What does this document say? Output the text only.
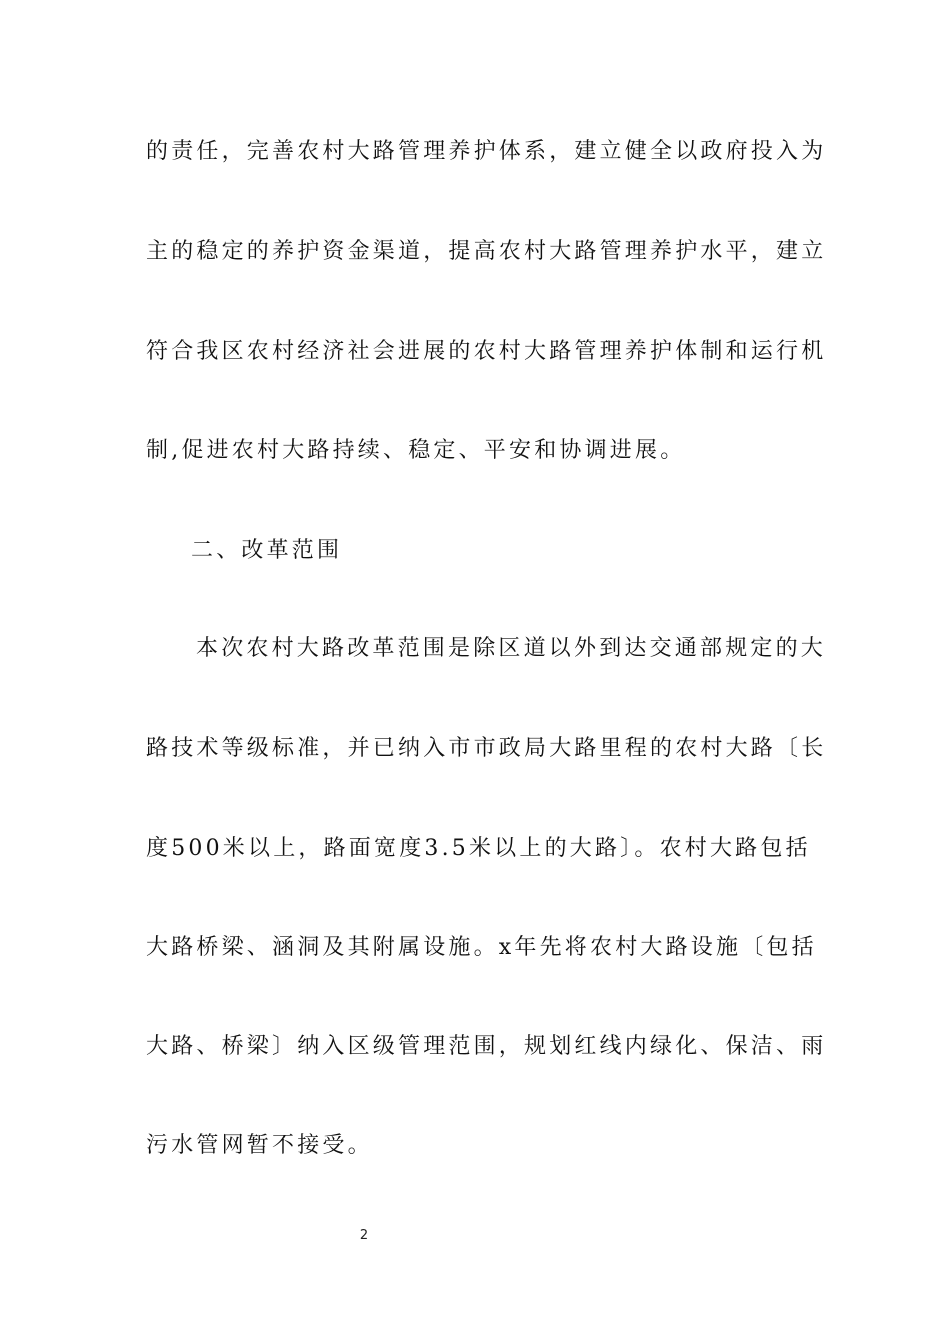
的责任，完善农村大路管理养护体系，建立健全以政府投入为
主的稳定的养护资金渠道，提高农村大路管理养护水平，建立
符合我区农村经济社会进展的农村大路管理养护体制和运行机
制,促进农村大路持续、稳定、平安和协调进展。
二、改革范围
本次农村大路改革范围是除区道以外到达交通部规定的大
路技术等级标准，并已纳入市市政局大路里程的农村大路〔长
度500米以上，路面宽度3.5米以上的大路〕。农村大路包括
大路桥梁、涵洞及其附属设施。x年先将农村大路设施〔包括
大路、桥梁〕纳入区级管理范围，规划红线内绿化、保洁、雨
污水管网暂不接受。
2
